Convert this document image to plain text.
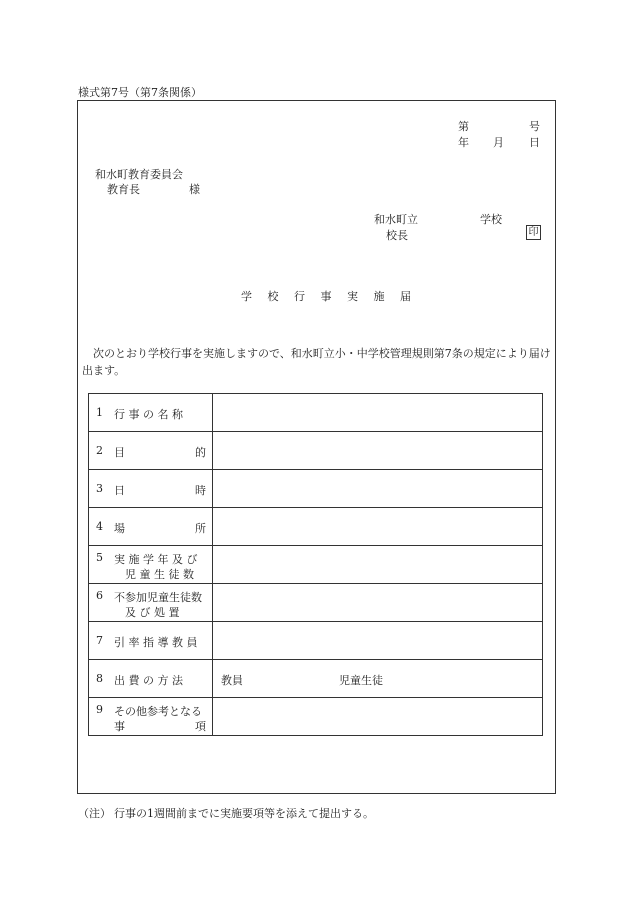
様式第7号（第7条関係）
第	号
年 月 日
和水町教育委員会
教育長	様
和水町立	学校
校長	印
学 校 行 事 実 施 届
次のとおり学校行事を実施しますので、和水町立小・中学校管理規則第7条の規定により届け出ます。
1 行 事 の 名 称	

2 目 的	

3 日 時	

4 場 所	

5 実 施 学 年 及 び
児 童 生 徒 数	

6 不参加児童生徒数
及 び 処 置	

7 引 率 指 導 教 員	

8 出 費 の 方 法	教員 児童生徒

9 その他参考となる
事 項	

（注） 行事の1週間前までに実施要項等を添えて提出する。
